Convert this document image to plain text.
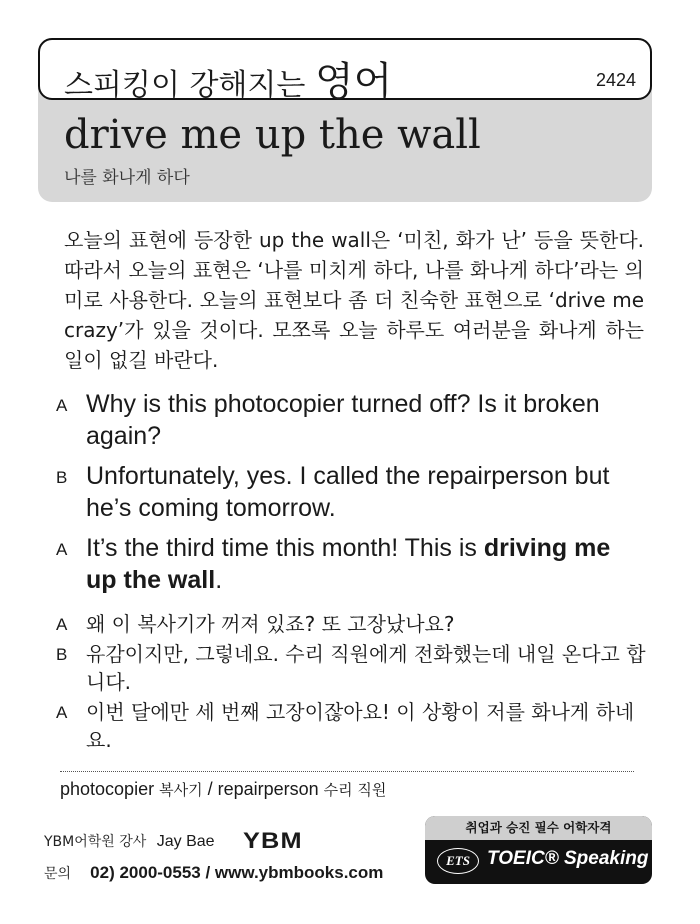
스피킹이 강해지는 영어	2424
drive me up the wall
나를 화나게 하다
오늘의 표현에 등장한 up the wall은 ‘미친, 화가 난’ 등을 뜻한다. 따라서 오늘의 표현은 ‘나를 미치게 하다, 나를 화나게 하다’라는 의미로 사용한다. 오늘의 표현보다 좀 더 친숙한 표현으로 ‘drive me crazy’가 있을 것이다. 모쪼록 오늘 하루도 여러분을 화나게 하는 일이 없길 바란다.
A Why is this photocopier turned off? Is it broken again?
B Unfortunately, yes. I called the repairperson but he’s coming tomorrow.
A It’s the third time this month! This is driving me up the wall.
A 왜 이 복사기가 꺼져 있죠? 또 고장났나요?
B 유감이지만, 그렇네요. 수리 직원에게 전화했는데 내일 온다고 합니다.
A 이번 달에만 세 번째 고장이잖아요! 이 상황이 저를 화나게 하네요.
photocopier 복사기 / repairperson 수리 직원
YBM어학원 강사 Jay Bae YBM
문의 02) 2000-0553 / www.ybmbooks.com
취업과 승진 필수 어학자격
ETS TOEIC® Speaking
